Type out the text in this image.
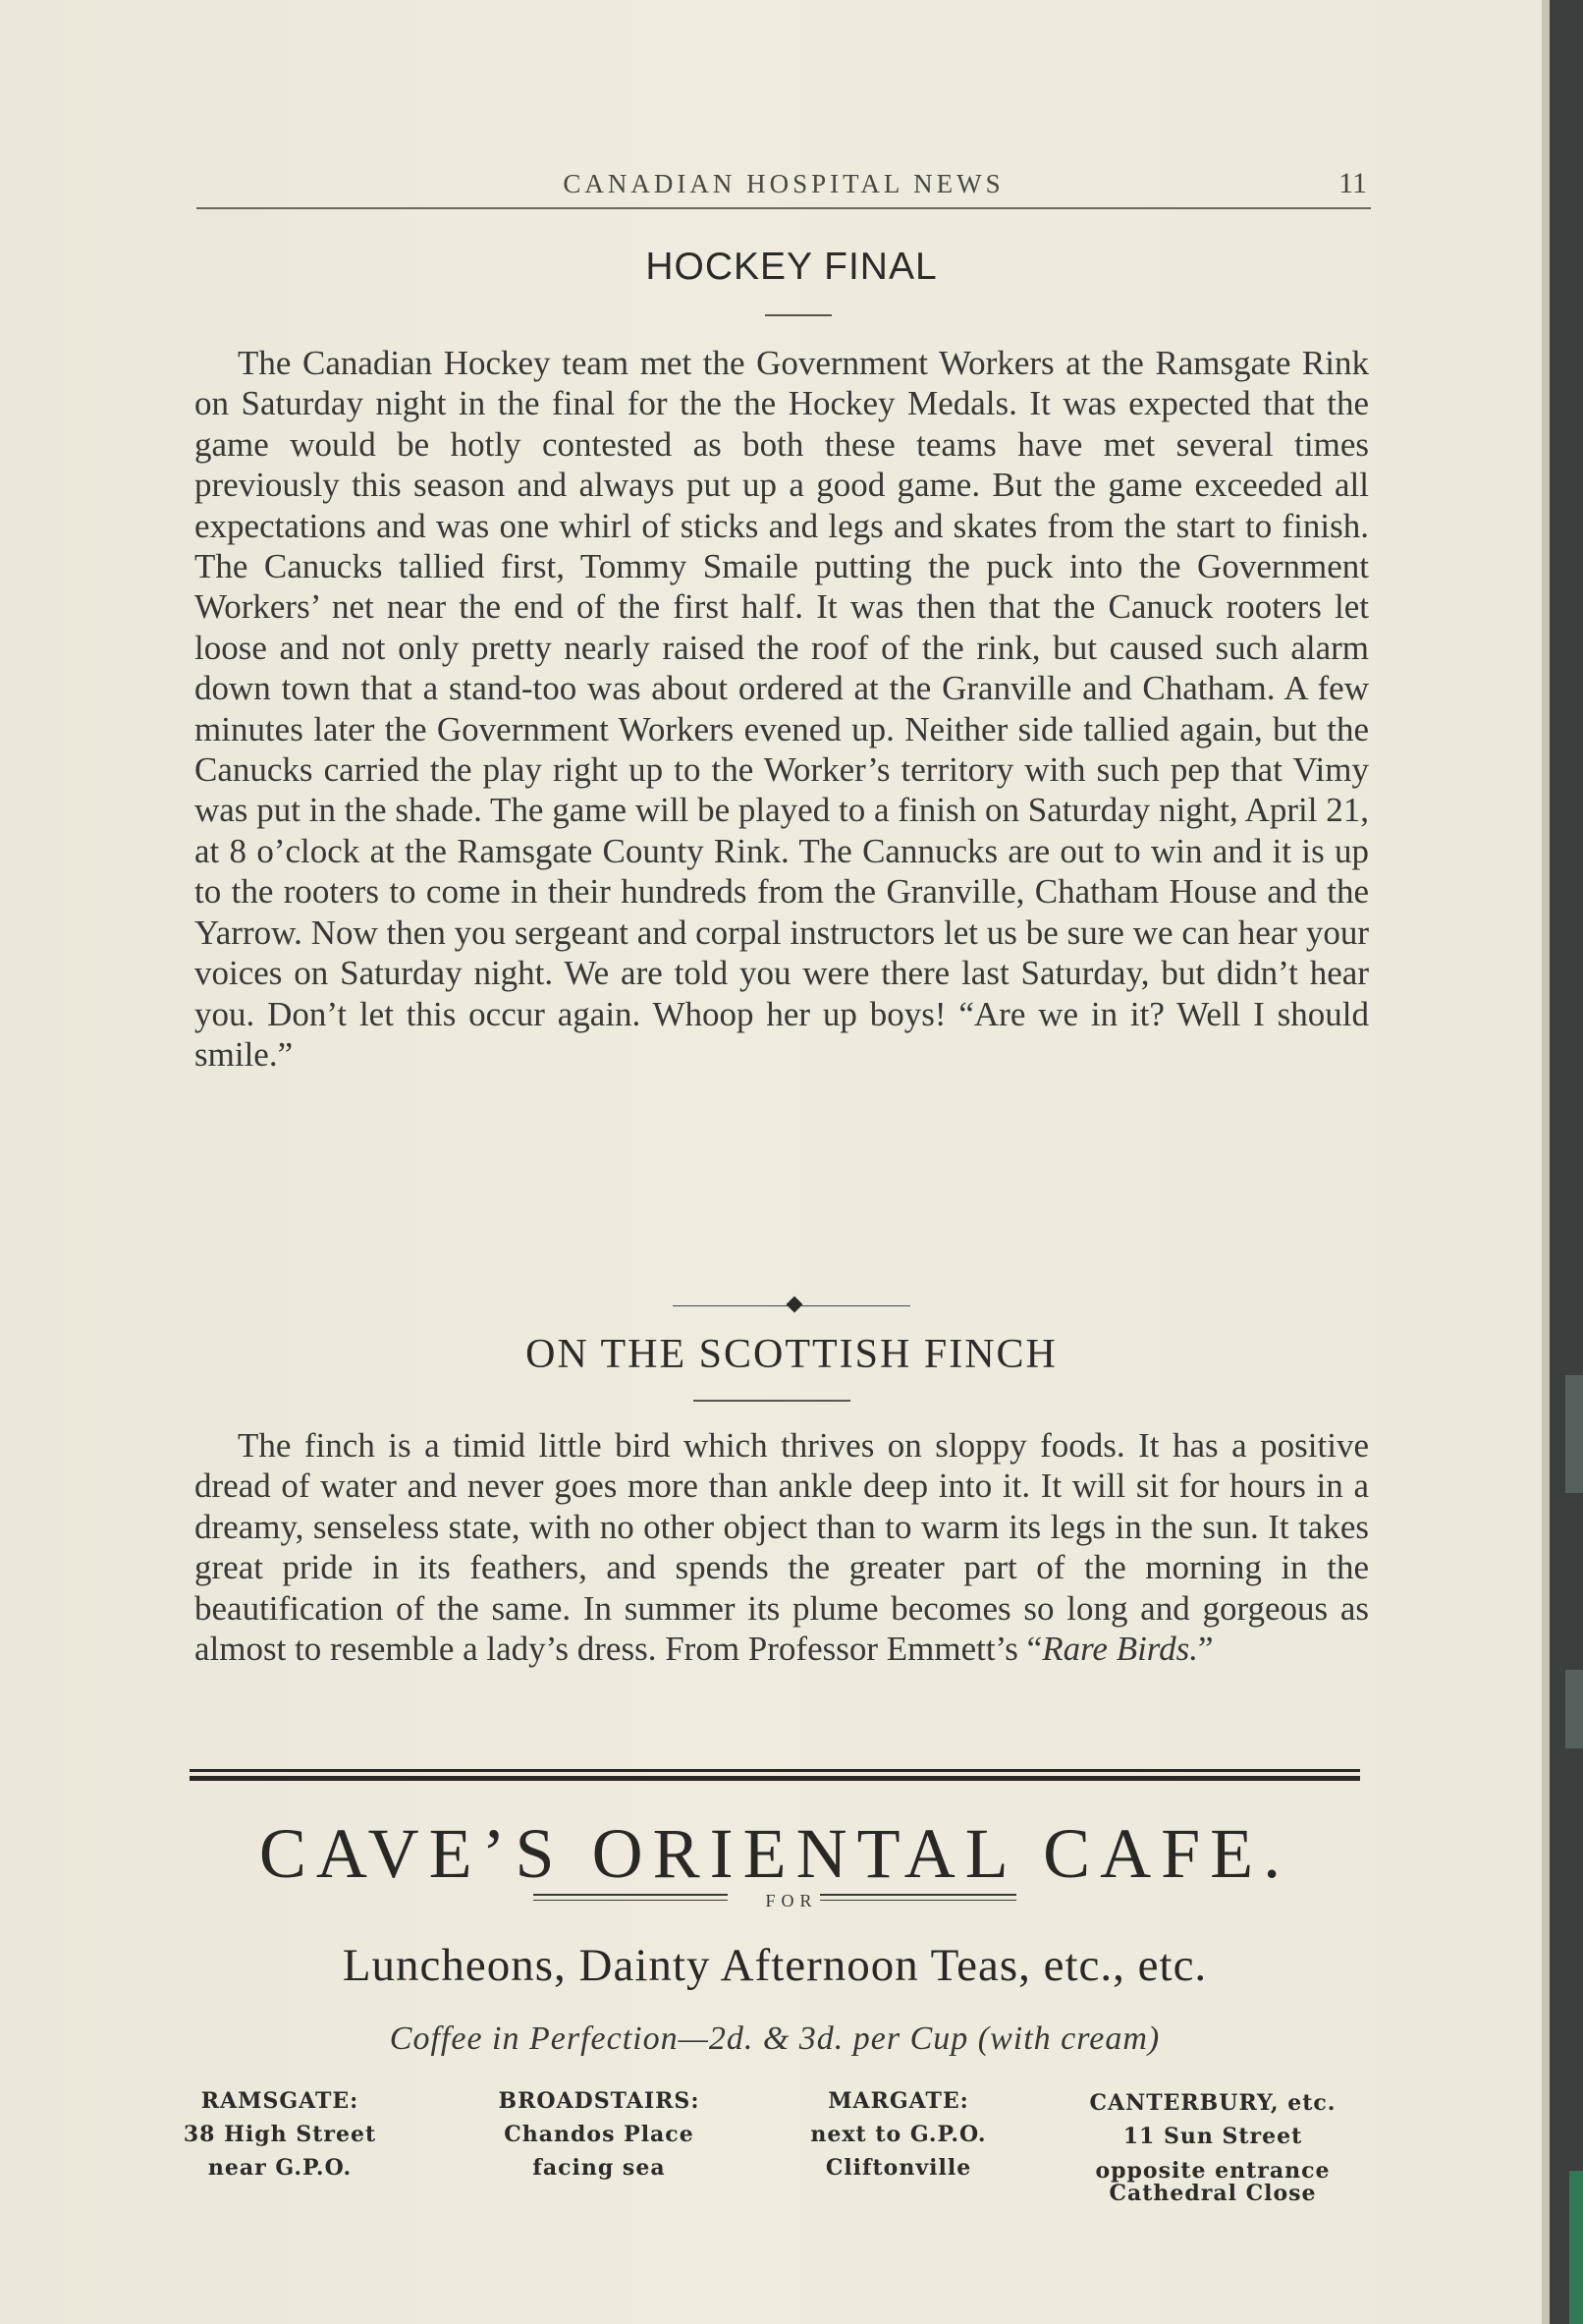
CANADIAN HOSPITAL NEWS	11
HOCKEY FINAL

The Canadian Hockey team met the Government Workers at the Ramsgate Rink on Saturday night in the final for the the Hockey Medals. It was expected that the game would be hotly contested as both these teams have met several times previously this season and always put up a good game. But the game exceeded all expectations and was one whirl of sticks and legs and skates from the start to finish. The Canucks tallied first, Tommy Smaile putting the puck into the Government Workers’ net near the end of the first half. It was then that the Canuck rooters let loose and not only pretty nearly raised the roof of the rink, but caused such alarm down town that a stand-too was about ordered at the Granville and Chatham. A few minutes later the Government Workers evened up. Neither side tallied again, but the Canucks carried the play right up to the Worker’s territory with such pep that Vimy was put in the shade. The game will be played to a finish on Saturday night, April 21, at 8 o’clock at the Ramsgate County Rink. The Cannucks are out to win and it is up to the rooters to come in their hundreds from the Granville, Chatham House and the Yarrow. Now then you sergeant and corpal instructors let us be sure we can hear your voices on Saturday night. We are told you were there last Saturday, but didn’t hear you. Don’t let this occur again. Whoop her up boys! “Are we in it? Well I should smile.”

ON THE SCOTTISH FINCH

The finch is a timid little bird which thrives on sloppy foods. It has a positive dread of water and never goes more than ankle deep into it. It will sit for hours in a dreamy, senseless state, with no other object than to warm its legs in the sun. It takes great pride in its feathers, and spends the greater part of the morning in the beautification of the same. In summer its plume becomes so long and gorgeous as almost to resemble a lady’s dress. From Professor Emmett’s “Rare Birds.”

CAVE’S ORIENTAL CAFE.
FOR
Luncheons, Dainty Afternoon Teas, etc., etc.
Coffee in Perfection—2d. & 3d. per Cup (with cream)
RAMSGATE:
38 High Street
near G.P.O.
BROADSTAIRS:
Chandos Place
facing sea
MARGATE:
next to G.P.O.
Cliftonville
CANTERBURY, etc.
11 Sun Street
opposite entrance
Cathedral Close
